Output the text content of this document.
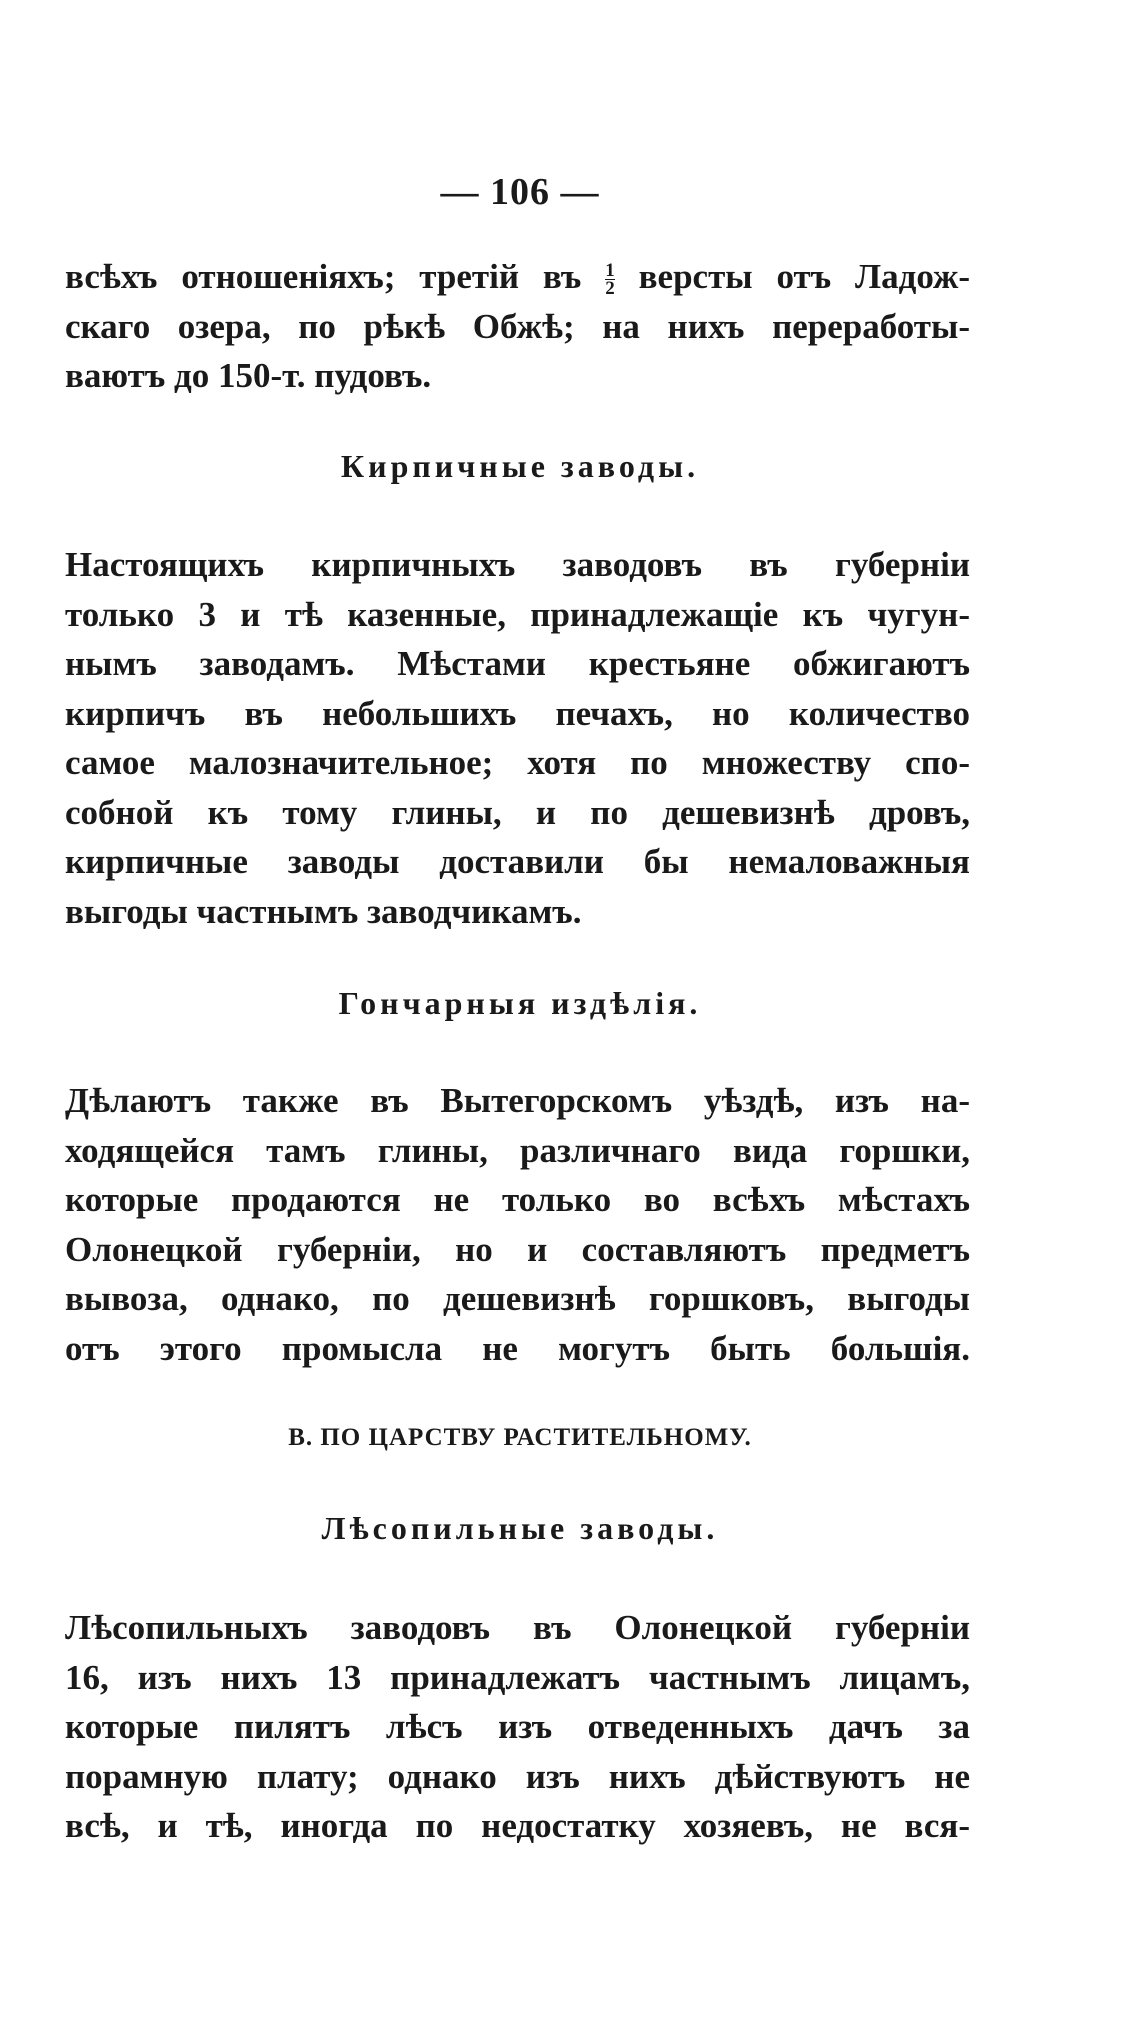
— 106 —

всѣхъ отношеніяхъ; третій въ $\frac{1}{2}$ версты отъ Ладож-
скаго озера, по рѣкѣ Обжѣ; на нихъ переработы-
ваютъ до 150-т. пудовъ.

Кирпичные заводы.

Настоящихъ кирпичныхъ заводовъ въ губерніи
только 3 и тѣ казенные, принадлежащіе къ чугун-
нымъ заводамъ. Мѣстами крестьяне обжигаютъ
кирпичъ въ небольшихъ печахъ, но количество
самое малозначительное; хотя по множеству спо-
собной къ тому глины, и по дешевизнѣ дровъ,
кирпичные заводы доставили бы немаловажныя
выгоды частнымъ заводчикамъ.

Гончарныя издѣлія.

Дѣлаютъ также въ Вытегорскомъ уѣздѣ, изъ на-
ходящейся тамъ глины, различнаго вида горшки,
которые продаются не только во всѣхъ мѣстахъ
Олонецкой губерніи, но и составляютъ предметъ
вывоза, однако, по дешевизнѣ горшковъ, выгоды
отъ этого промысла не могутъ быть большія.

В. ПО ЦАРСТВУ РАСТИТЕЛЬНОМУ.
Лѣсопильные заводы.

Лѣсопильныхъ заводовъ въ Олонецкой губерніи
16, изъ нихъ 13 принадлежатъ частнымъ лицамъ,
которые пилятъ лѣсъ изъ отведенныхъ дачъ за
порамную плату; однако изъ нихъ дѣйствуютъ не
всѣ, и тѣ, иногда по недостатку хозяевъ, не вся-
